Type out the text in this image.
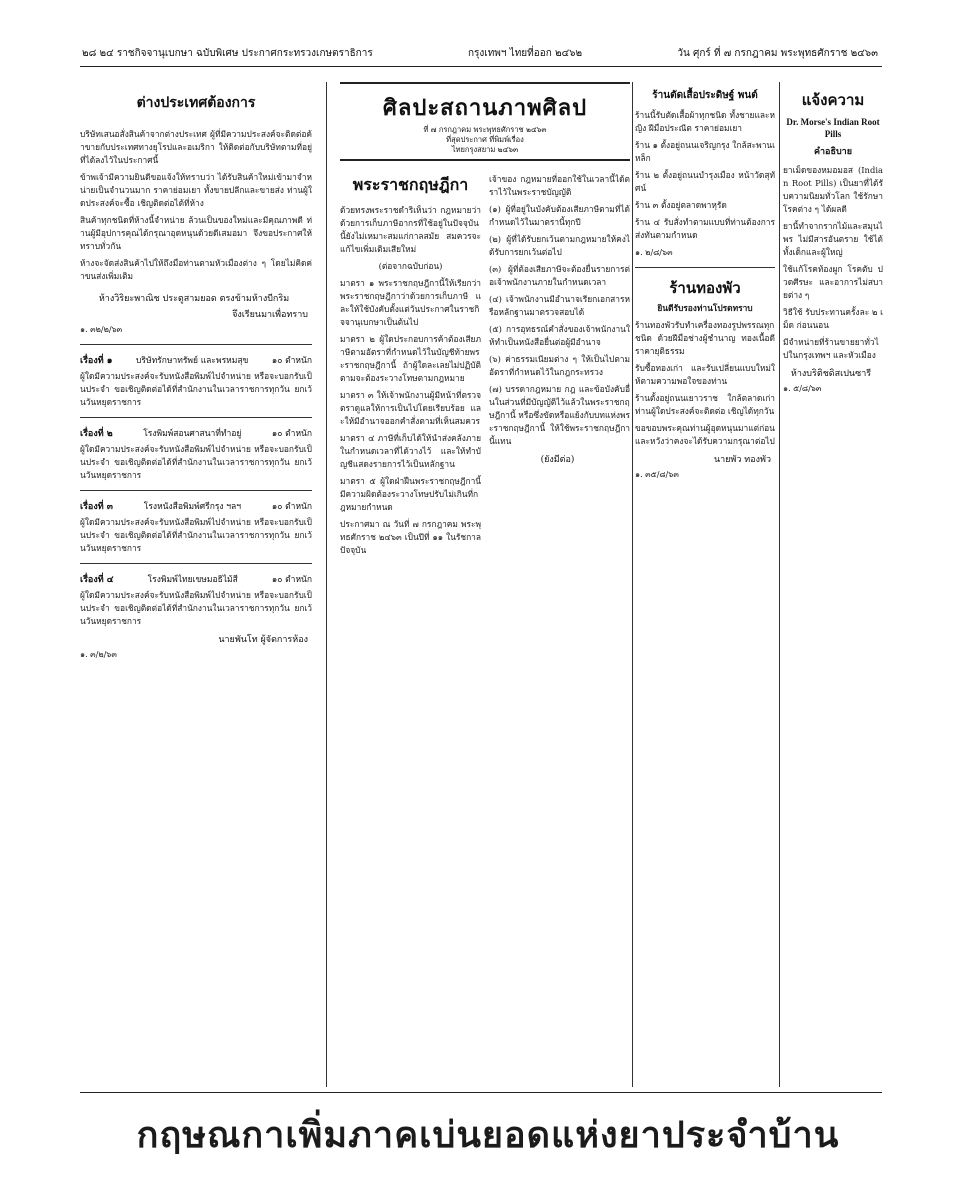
๒๘ ๒๔ ราชกิจจานุเบกษา ฉบับพิเศษ ประกาศกระทรวงเกษตราธิการ	กรุงเทพฯ ไทยที่ออก ๒๔๖๒	วัน ศุกร์ ที่ ๗ กรกฎาคม พระพุทธศักราช ๒๔๖๓
ต่างประเทศต้องการ

บริษัทเสนอสั่งสินค้าจากต่างประเทศ ผู้ที่มีความประสงค์จะติดต่อค้าขายกับประเทศทางยุโรปและอเมริกา ให้ติดต่อกับบริษัทตามที่อยู่ที่ได้ลงไว้ในประกาศนี้

ข้าพเจ้ามีความยินดีขอแจ้งให้ทราบว่า ได้รับสินค้าใหม่เข้ามาจำหน่ายเป็นจำนวนมาก ราคาย่อมเยา ทั้งขายปลีกและขายส่ง ท่านผู้ใดประสงค์จะซื้อ เชิญติดต่อได้ที่ห้าง

สินค้าทุกชนิดที่ห้างนี้จำหน่าย ล้วนเป็นของใหม่และมีคุณภาพดี ท่านผู้มีอุปการคุณได้กรุณาอุดหนุนด้วยดีเสมอมา จึงขอประกาศให้ทราบทั่วกัน

ห้างจะจัดส่งสินค้าไปให้ถึงมือท่านตามหัวเมืองต่าง ๆ โดยไม่คิดค่าขนส่งเพิ่มเติม

ห้างวิริยะพาณิช ประตูสามยอด ตรงข้ามห้างบีกริม

จึงเรียนมาเพื่อทราบ

๑. ๓๒/๒/๖๓

เรื่องที่ ๑	บริษัทรักษาทรัพย์ และพรหมสุข	๑๐ ตำหนัก

ผู้ใดมีความประสงค์จะรับหนังสือพิมพ์ไปจำหน่าย หรือจะบอกรับเป็นประจำ ขอเชิญติดต่อได้ที่สำนักงานในเวลาราชการทุกวัน ยกเว้นวันหยุดราชการ

เรื่องที่ ๒	โรงพิมพ์สอนศาสนาที่ทำอยู่	๑๐ ตำหนัก

ผู้ใดมีความประสงค์จะรับหนังสือพิมพ์ไปจำหน่าย หรือจะบอกรับเป็นประจำ ขอเชิญติดต่อได้ที่สำนักงานในเวลาราชการทุกวัน ยกเว้นวันหยุดราชการ

เรื่องที่ ๓	โรงหนังสือพิมพ์ศรีกรุง ฯลฯ	๑๐ ตำหนัก

ผู้ใดมีความประสงค์จะรับหนังสือพิมพ์ไปจำหน่าย หรือจะบอกรับเป็นประจำ ขอเชิญติดต่อได้ที่สำนักงานในเวลาราชการทุกวัน ยกเว้นวันหยุดราชการ

เรื่องที่ ๔	โรงพิมพ์ไทยเขษมอธิไม้สี	๑๐ ตำหนัก

ผู้ใดมีความประสงค์จะรับหนังสือพิมพ์ไปจำหน่าย หรือจะบอกรับเป็นประจำ ขอเชิญติดต่อได้ที่สำนักงานในเวลาราชการทุกวัน ยกเว้นวันหยุดราชการ

นายพันโท ผู้จัดการห้อง

๑. ๓/๒/๖๓

ศิลปะสถานภาพศิลป
ที่ ๗ กรกฎาคม พระพุทธศักราช ๒๔๖๓
ที่สุดประกาศ ที่พิมพ์เรื่อง
ไทยกรุงสยาม ๒๔๖๓
พระราชกฤษฎีกา

ด้วยทรงพระราชดำริเห็นว่า กฎหมายว่าด้วยการเก็บภาษีอากรที่ใช้อยู่ในปัจจุบันนี้ยังไม่เหมาะสมแก่กาลสมัย สมควรจะแก้ไขเพิ่มเติมเสียใหม่

(ต่อจากฉบับก่อน)

มาตรา ๑ พระราชกฤษฎีกานี้ให้เรียกว่า พระราชกฤษฎีกาว่าด้วยการเก็บภาษี และให้ใช้บังคับตั้งแต่วันประกาศในราชกิจจานุเบกษาเป็นต้นไป

มาตรา ๒ ผู้ใดประกอบการค้าต้องเสียภาษีตามอัตราที่กำหนดไว้ในบัญชีท้ายพระราชกฤษฎีกานี้ ถ้าผู้ใดละเลยไม่ปฏิบัติตามจะต้องระวางโทษตามกฎหมาย

มาตรา ๓ ให้เจ้าพนักงานผู้มีหน้าที่ตรวจตราดูแลให้การเป็นไปโดยเรียบร้อย และให้มีอำนาจออกคำสั่งตามที่เห็นสมควร

มาตรา ๔ ภาษีที่เก็บได้ให้นำส่งคลังภายในกำหนดเวลาที่ได้วางไว้ และให้ทำบัญชีแสดงรายการไว้เป็นหลักฐาน

มาตรา ๕ ผู้ใดฝ่าฝืนพระราชกฤษฎีกานี้ มีความผิดต้องระวางโทษปรับไม่เกินที่กฎหมายกำหนด

ประกาศมา ณ วันที่ ๗ กรกฎาคม พระพุทธศักราช ๒๔๖๓ เป็นปีที่ ๑๑ ในรัชกาลปัจจุบัน

เจ้าของ กฎหมายที่ออกใช้ในเวลานี้ได้ตราไว้ในพระราชบัญญัติ

(๑) ผู้ที่อยู่ในบังคับต้องเสียภาษีตามที่ได้กำหนดไว้ในมาตรานี้ทุกปี

(๒) ผู้ที่ได้รับยกเว้นตามกฎหมายให้คงได้รับการยกเว้นต่อไป

(๓) ผู้ที่ต้องเสียภาษีจะต้องยื่นรายการต่อเจ้าพนักงานภายในกำหนดเวลา

(๔) เจ้าพนักงานมีอำนาจเรียกเอกสารหรือหลักฐานมาตรวจสอบได้

(๕) การอุทธรณ์คำสั่งของเจ้าพนักงานให้ทำเป็นหนังสือยื่นต่อผู้มีอำนาจ

(๖) ค่าธรรมเนียมต่าง ๆ ให้เป็นไปตามอัตราที่กำหนดไว้ในกฎกระทรวง

(๗) บรรดากฎหมาย กฎ และข้อบังคับอื่นในส่วนที่มีบัญญัติไว้แล้วในพระราชกฤษฎีกานี้ หรือซึ่งขัดหรือแย้งกับบทแห่งพระราชกฤษฎีกานี้ ให้ใช้พระราชกฤษฎีกานี้แทน

(ยังมีต่อ)

ร้านตัดเสื้อประดิษฐ์ พนต์

ร้านนี้รับตัดเสื้อผ้าทุกชนิด ทั้งชายและหญิง ฝีมือประณีต ราคาย่อมเยา

ร้าน ๑ ตั้งอยู่ถนนเจริญกรุง ใกล้สะพานเหล็ก

ร้าน ๒ ตั้งอยู่ถนนบำรุงเมือง หน้าวัดสุทัศน์

ร้าน ๓ ตั้งอยู่ตลาดพาหุรัด

ร้าน ๔ รับสั่งทำตามแบบที่ท่านต้องการ ส่งทันตามกำหนด

๑. ๒/๘/๖๓

ร้านทองพัว

ยินดีรับรองท่านโปรดทราบ

ร้านทองพัวรับทำเครื่องทองรูปพรรณทุกชนิด ด้วยฝีมือช่างผู้ชำนาญ ทองเนื้อดี ราคายุติธรรม

รับซื้อทองเก่า และรับเปลี่ยนแบบใหม่ให้ตามความพอใจของท่าน

ร้านตั้งอยู่ถนนเยาวราช ใกล้ตลาดเก่า ท่านผู้ใดประสงค์จะติดต่อ เชิญได้ทุกวัน

ขอขอบพระคุณท่านผู้อุดหนุนมาแต่ก่อน และหวังว่าคงจะได้รับความกรุณาต่อไป

นายพัว ทองพัว

๑. ๓๕/๘/๖๓

แจ้งความ

Dr. Morse's Indian Root Pills

คำอธิบาย

ยาเม็ดของหมอมอส (Indian Root Pills) เป็นยาที่ได้รับความนิยมทั่วโลก ใช้รักษาโรคต่าง ๆ ได้ผลดี

ยานี้ทำจากรากไม้และสมุนไพร ไม่มีสารอันตราย ใช้ได้ทั้งเด็กและผู้ใหญ่

ใช้แก้โรคท้องผูก โรคตับ ปวดศีรษะ และอาการไม่สบายต่าง ๆ

วิธีใช้ รับประทานครั้งละ ๒ เม็ด ก่อนนอน

มีจำหน่ายที่ร้านขายยาทั่วไปในกรุงเทพฯ และหัวเมือง

ห้างบริติชดิสเปนซารี

๑. ๕/๘/๖๓

กฤษณกาเพิ่มภาคเบ่นยอดแห่งยาประจำบ้าน
